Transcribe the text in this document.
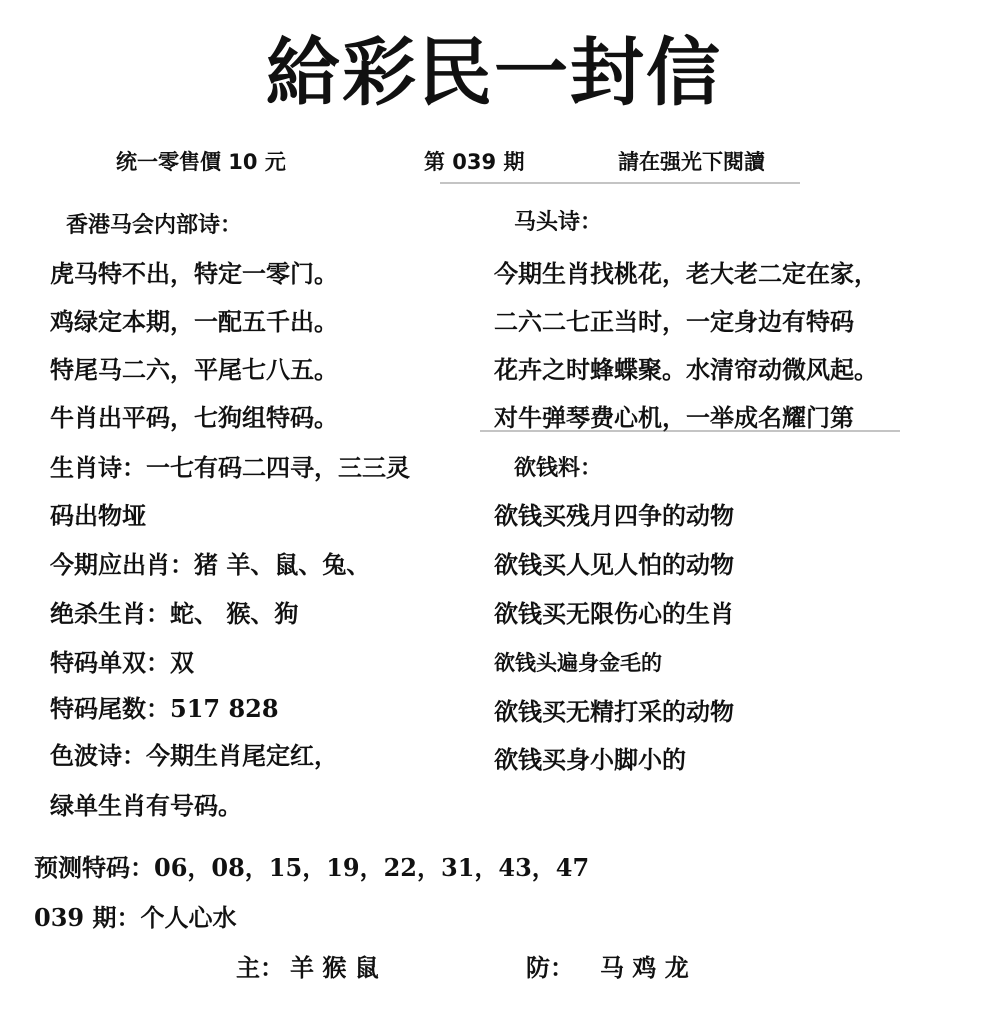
給彩民一封信
统一零售價 10 元	第 039 期	請在强光下閱讀
香港马会内部诗：
虎马特不出，特定一零门。
鸡绿定本期，一配五千出。
特尾马二六，平尾七八五。
牛肖出平码，七狗组特码。
生肖诗：一七有码二四寻，三三灵
码出物垭
今期应出肖：猪 羊、鼠、兔、
绝杀生肖：蛇、 猴、狗
特码单双：双
特码尾数：517 828
色波诗：今期生肖尾定红，
绿单生肖有号码。
马头诗：
今期生肖找桃花，老大老二定在家，
二六二七正当时，一定身边有特码
花卉之时蜂蝶聚。水清帘动微风起。
对牛弹琴费心机，一举成名耀门第
欲钱料：
欲钱买残月四争的动物
欲钱买人见人怕的动物
欲钱买无限伤心的生肖
欲钱头遍身金毛的
欲钱买无精打采的动物
欲钱买身小脚小的
预测特码：06，08，15，19，22，31，43，47
039 期：个人心水
主： 羊 猴 鼠	防： 马 鸡 龙
